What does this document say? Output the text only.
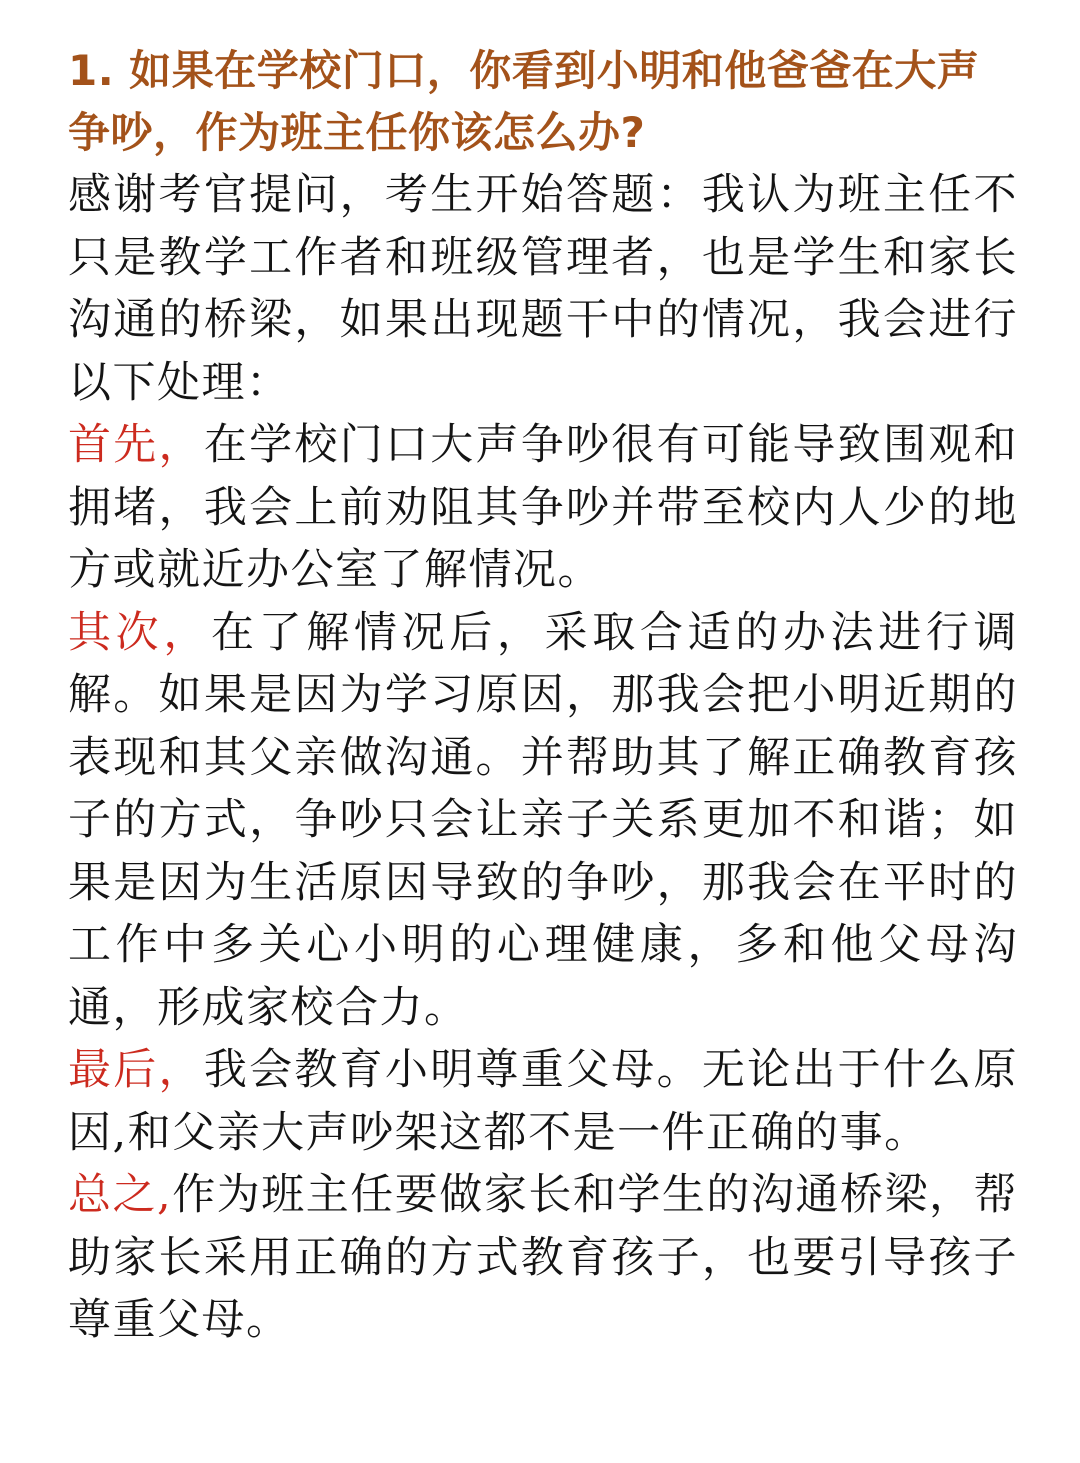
1. 如果在学校门口，你看到小明和他爸爸在大声争吵，作为班主任你该怎么办?

感谢考官提问，考生开始答题：我认为班主任不只是教学工作者和班级管理者，也是学生和家长沟通的桥梁，如果出现题干中的情况，我会进行以下处理：

首先，在学校门口大声争吵很有可能导致围观和拥堵，我会上前劝阻其争吵并带至校内人少的地方或就近办公室了解情况。

其次，在了解情况后，采取合适的办法进行调解。如果是因为学习原因，那我会把小明近期的表现和其父亲做沟通。并帮助其了解正确教育孩子的方式，争吵只会让亲子关系更加不和谐；如果是因为生活原因导致的争吵，那我会在平时的工作中多关心小明的心理健康，多和他父母沟通，形成家校合力。

最后，我会教育小明尊重父母。无论出于什么原因,和父亲大声吵架这都不是一件正确的事。

总之,作为班主任要做家长和学生的沟通桥梁，帮助家长采用正确的方式教育孩子，也要引导孩子尊重父母。
